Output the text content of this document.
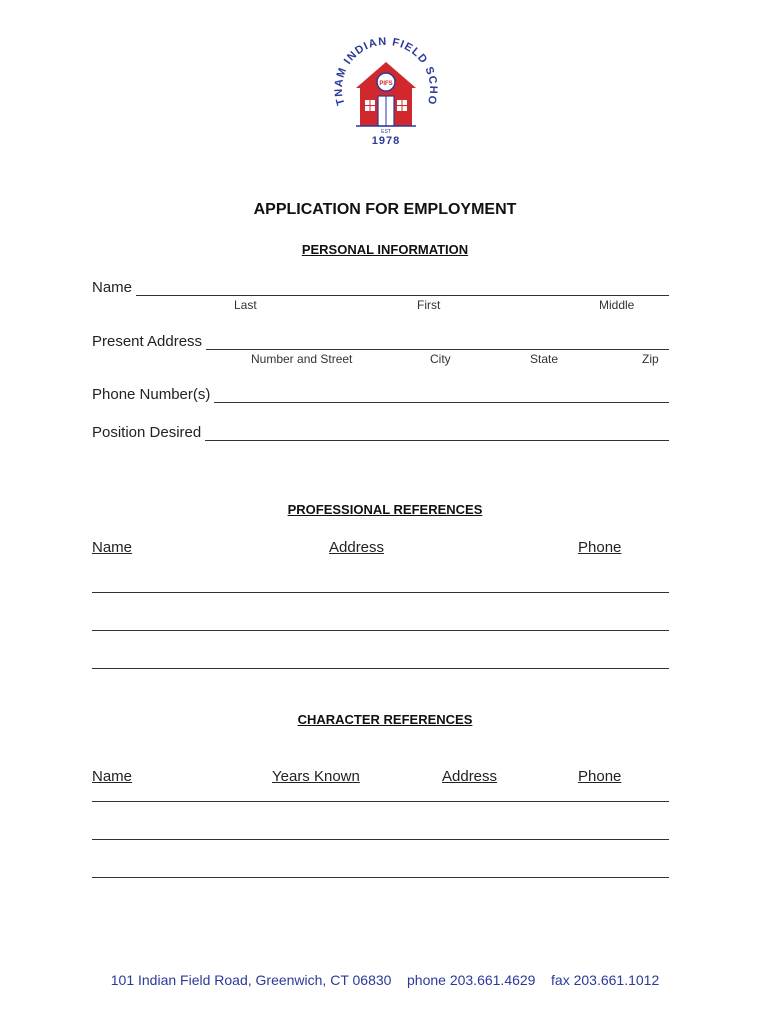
TNAM INDIAN FIELD SCHO
PIFS
EST
1978
APPLICATION FOR EMPLOYMENT
PERSONAL INFORMATION
Name
Last	First	Middle
Present Address
Number and Street	City	State	Zip
Phone Number(s)
Position Desired
PROFESSIONAL REFERENCES
Name	Address	Phone
CHARACTER REFERENCES
Name	Years Known	Address	Phone
101 Indian Field Road, Greenwich, CT 06830    phone 203.661.4629    fax 203.661.1012
